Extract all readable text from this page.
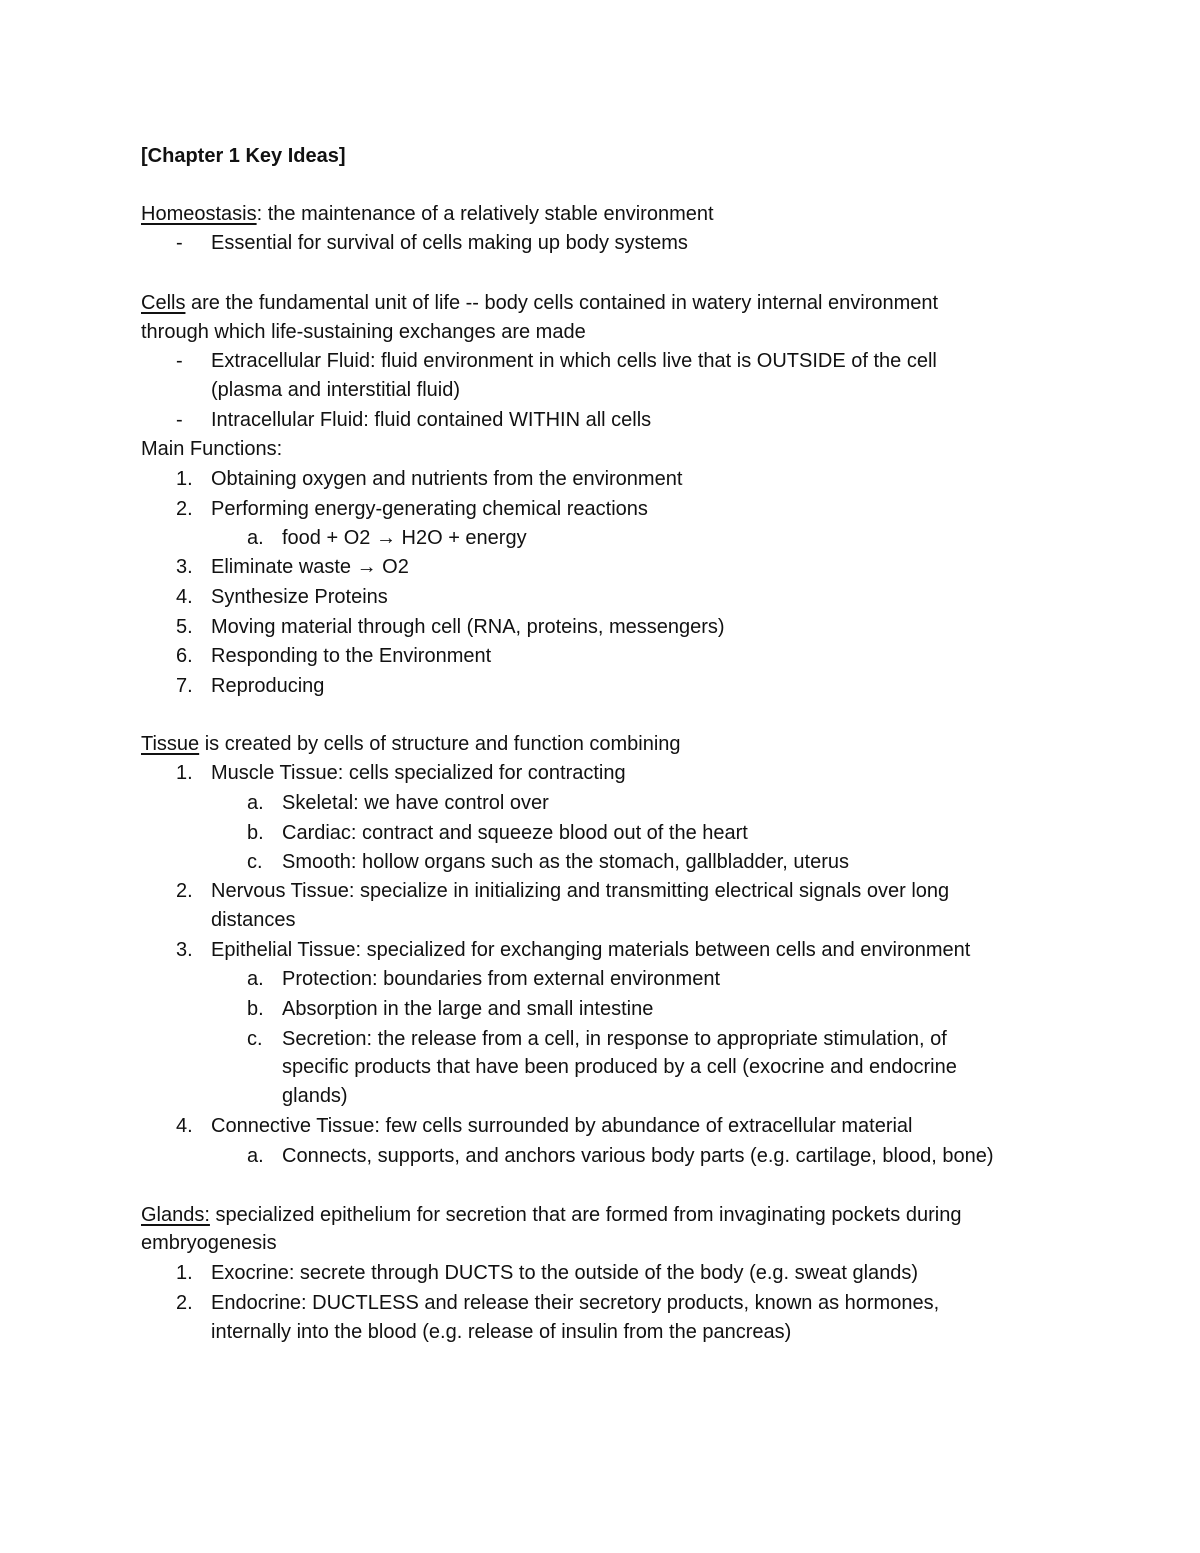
[Chapter 1 Key Ideas]
Homeostasis: the maintenance of a relatively stable environment
- Essential for survival of cells making up body systems
Cells are the fundamental unit of life -- body cells contained in watery internal environment
through which life-sustaining exchanges are made
- Extracellular Fluid: fluid environment in which cells live that is OUTSIDE of the cell
(plasma and interstitial fluid)
- Intracellular Fluid: fluid contained WITHIN all cells
Main Functions:
1. Obtaining oxygen and nutrients from the environment
2. Performing energy-generating chemical reactions
a. food + O2 → H2O + energy
3. Eliminate waste → O2
4. Synthesize Proteins
5. Moving material through cell (RNA, proteins, messengers)
6. Responding to the Environment
7. Reproducing
Tissue is created by cells of structure and function combining
1. Muscle Tissue: cells specialized for contracting
a. Skeletal: we have control over
b. Cardiac: contract and squeeze blood out of the heart
c. Smooth: hollow organs such as the stomach, gallbladder, uterus
2. Nervous Tissue: specialize in initializing and transmitting electrical signals over long
distances
3. Epithelial Tissue: specialized for exchanging materials between cells and environment
a. Protection: boundaries from external environment
b. Absorption in the large and small intestine
c. Secretion: the release from a cell, in response to appropriate stimulation, of
specific products that have been produced by a cell (exocrine and endocrine
glands)
4. Connective Tissue: few cells surrounded by abundance of extracellular material
a. Connects, supports, and anchors various body parts (e.g. cartilage, blood, bone)
Glands: specialized epithelium for secretion that are formed from invaginating pockets during
embryogenesis
1. Exocrine: secrete through DUCTS to the outside of the body (e.g. sweat glands)
2. Endocrine: DUCTLESS and release their secretory products, known as hormones,
internally into the blood (e.g. release of insulin from the pancreas)
